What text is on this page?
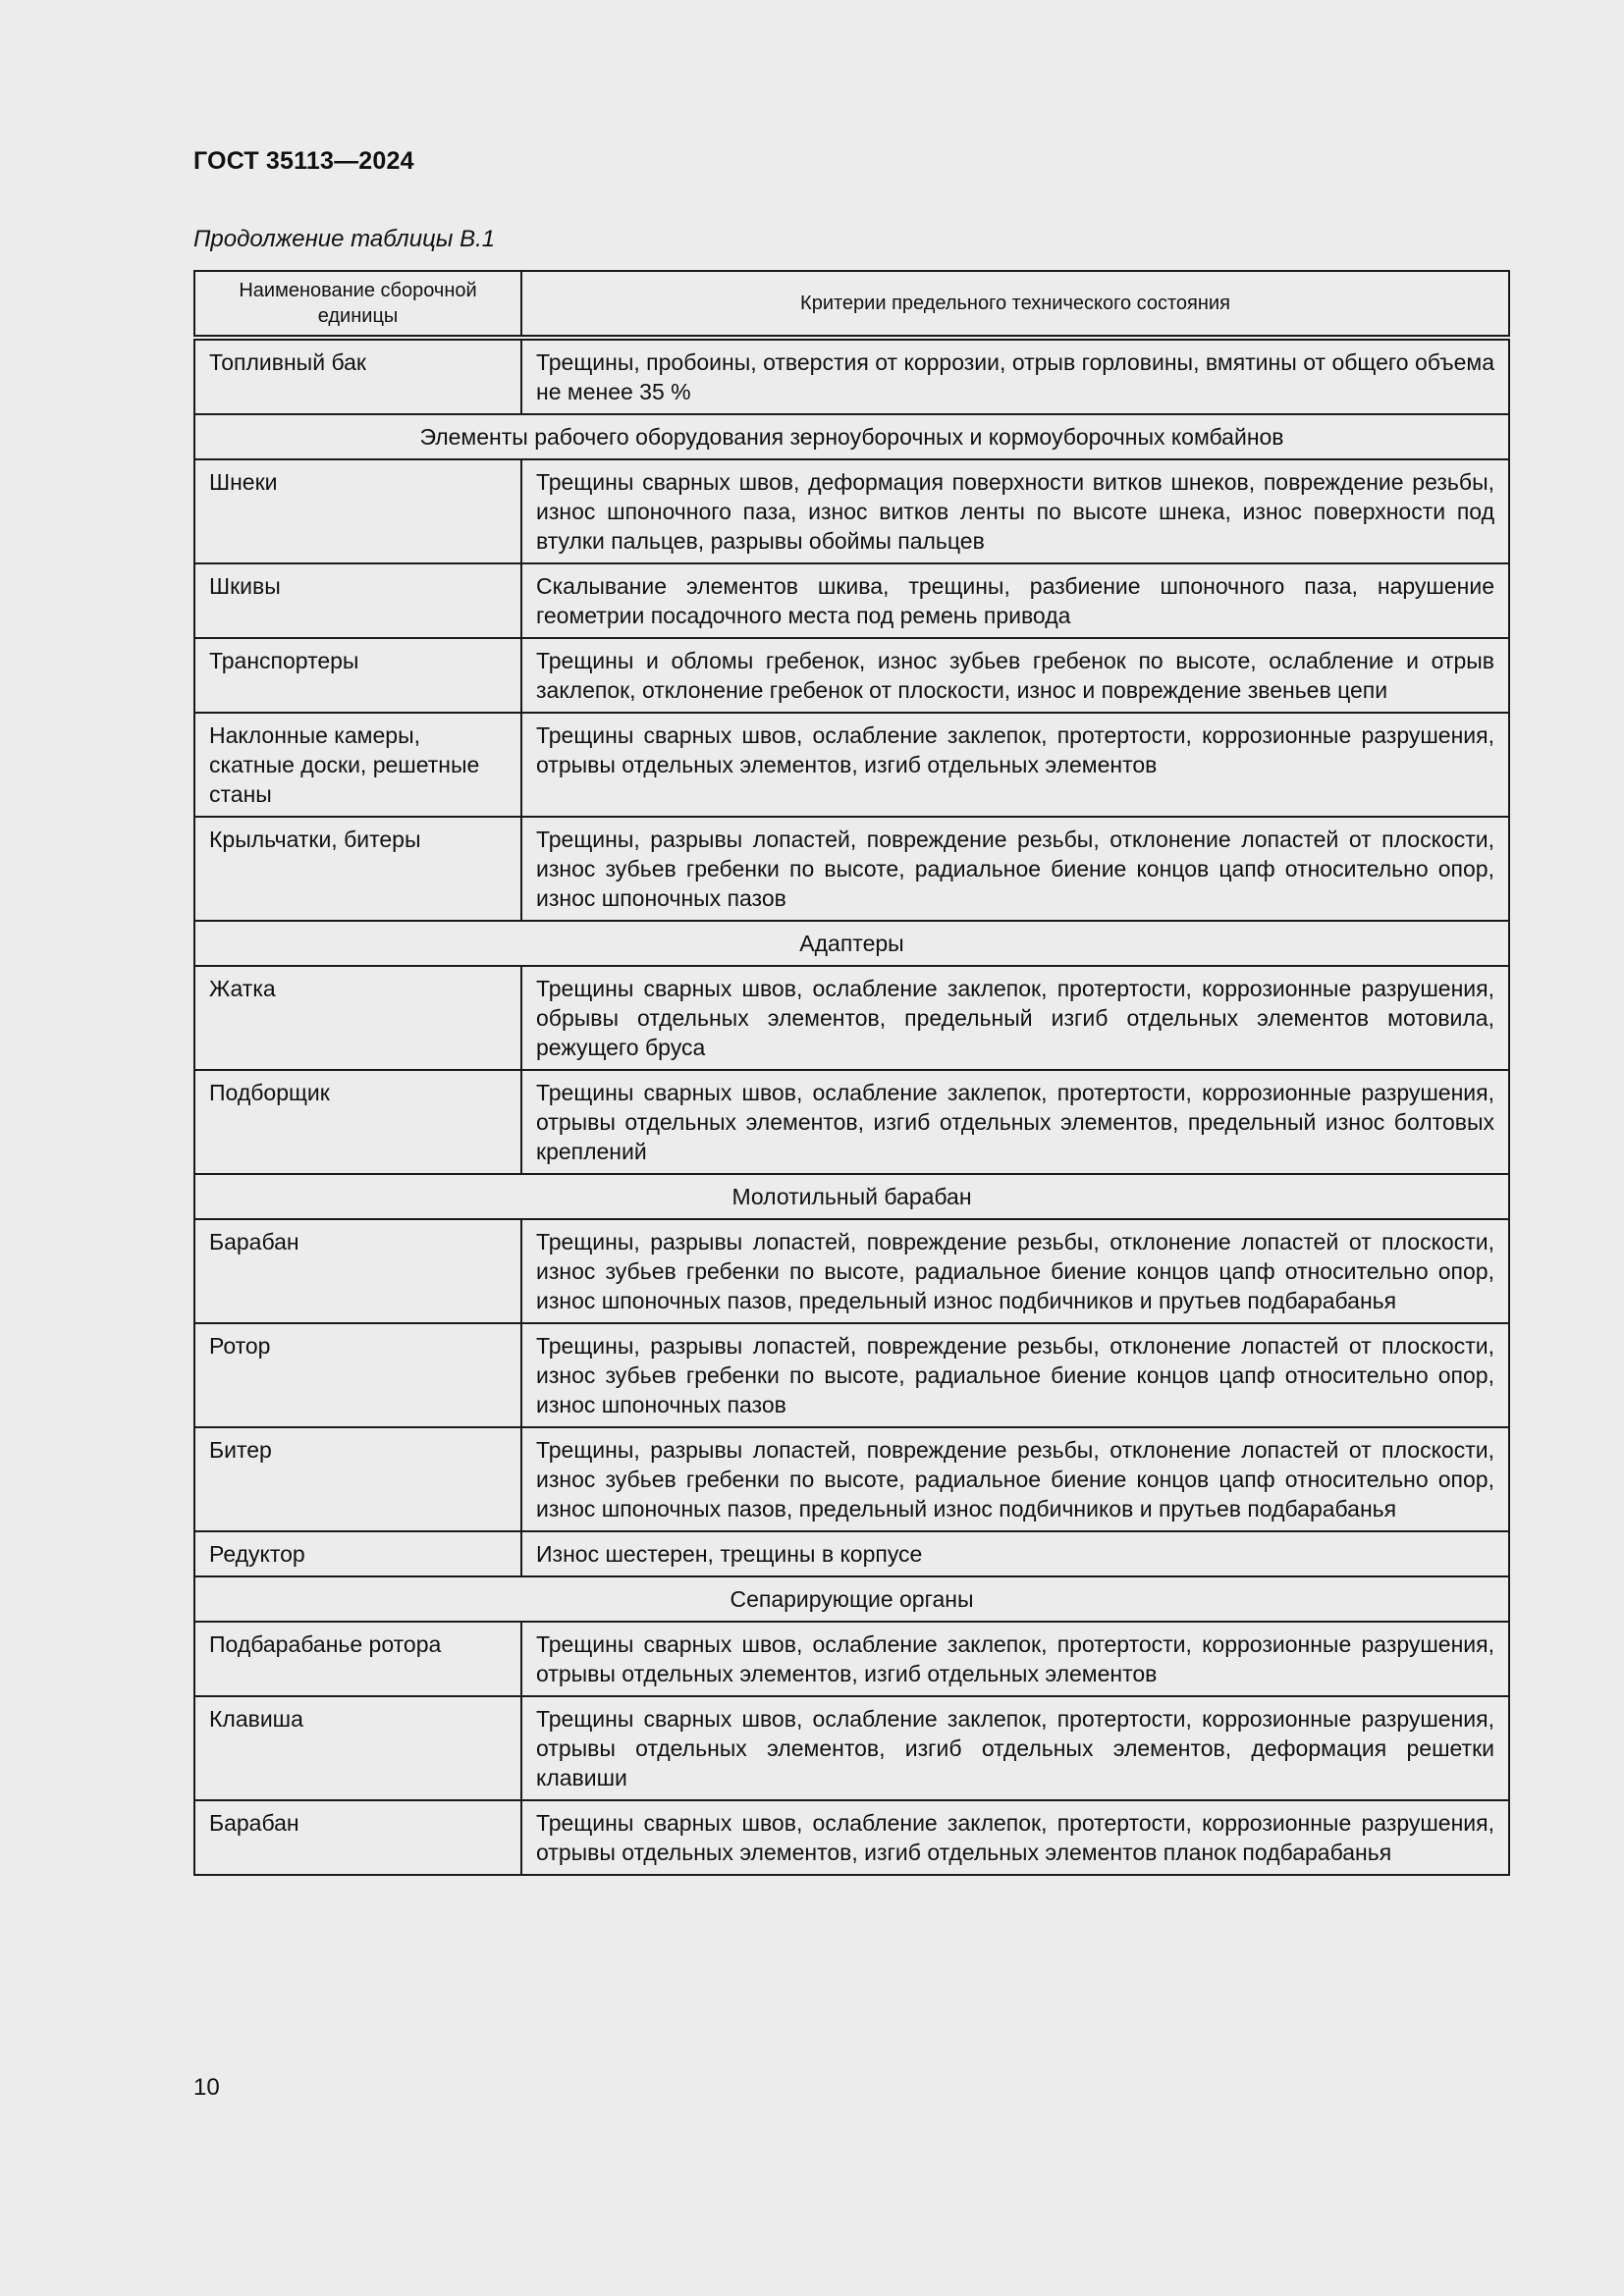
ГОСТ 35113—2024
Продолжение таблицы В.1
Наименование сборочной единицы	Критерии предельного технического состояния
Топливный бак	Трещины, пробоины, отверстия от коррозии, отрыв горловины, вмятины от общего объема не менее 35 %
Элементы рабочего оборудования зерноуборочных и кормоуборочных комбайнов	
Шнеки	Трещины сварных швов, деформация поверхности витков шнеков, повреждение резьбы, износ шпоночного паза, износ витков ленты по высоте шнека, износ поверхности под втулки пальцев, разрывы обоймы пальцев
Шкивы	Скалывание элементов шкива, трещины, разбиение шпоночного паза, нарушение геометрии посадочного места под ремень привода
Транспортеры	Трещины и обломы гребенок, износ зубьев гребенок по высоте, ослабление и отрыв заклепок, отклонение гребенок от плоскости, износ и повреждение звеньев цепи
Наклонные камеры, скатные доски, решетные станы	Трещины сварных швов, ослабление заклепок, протертости, коррозионные разрушения, отрывы отдельных элементов, изгиб отдельных элементов
Крыльчатки, битеры	Трещины, разрывы лопастей, повреждение резьбы, отклонение лопастей от плоскости, износ зубьев гребенки по высоте, радиальное биение концов цапф относительно опор, износ шпоночных пазов
Адаптеры	
Жатка	Трещины сварных швов, ослабление заклепок, протертости, коррозионные разрушения, обрывы отдельных элементов, предельный изгиб отдельных элементов мотовила, режущего бруса
Подборщик	Трещины сварных швов, ослабление заклепок, протертости, коррозионные разрушения, отрывы отдельных элементов, изгиб отдельных элементов, предельный износ болтовых креплений
Молотильный барабан	
Барабан	Трещины, разрывы лопастей, повреждение резьбы, отклонение лопастей от плоскости, износ зубьев гребенки по высоте, радиальное биение концов цапф относительно опор, износ шпоночных пазов, предельный износ подбичников и прутьев подбарабанья
Ротор	Трещины, разрывы лопастей, повреждение резьбы, отклонение лопастей от плоскости, износ зубьев гребенки по высоте, радиальное биение концов цапф относительно опор, износ шпоночных пазов
Битер	Трещины, разрывы лопастей, повреждение резьбы, отклонение лопастей от плоскости, износ зубьев гребенки по высоте, радиальное биение концов цапф относительно опор, износ шпоночных пазов, предельный износ подбичников и прутьев подбарабанья
Редуктор	Износ шестерен, трещины в корпусе
Сепарирующие органы	
Подбарабанье ротора	Трещины сварных швов, ослабление заклепок, протертости, коррозионные разрушения, отрывы отдельных элементов, изгиб отдельных элементов
Клавиша	Трещины сварных швов, ослабление заклепок, протертости, коррозионные разрушения, отрывы отдельных элементов, изгиб отдельных элементов, деформация решетки клавиши
Барабан	Трещины сварных швов, ослабление заклепок, протертости, коррозионные разрушения, отрывы отдельных элементов, изгиб отдельных элементов планок подбарабанья
10
